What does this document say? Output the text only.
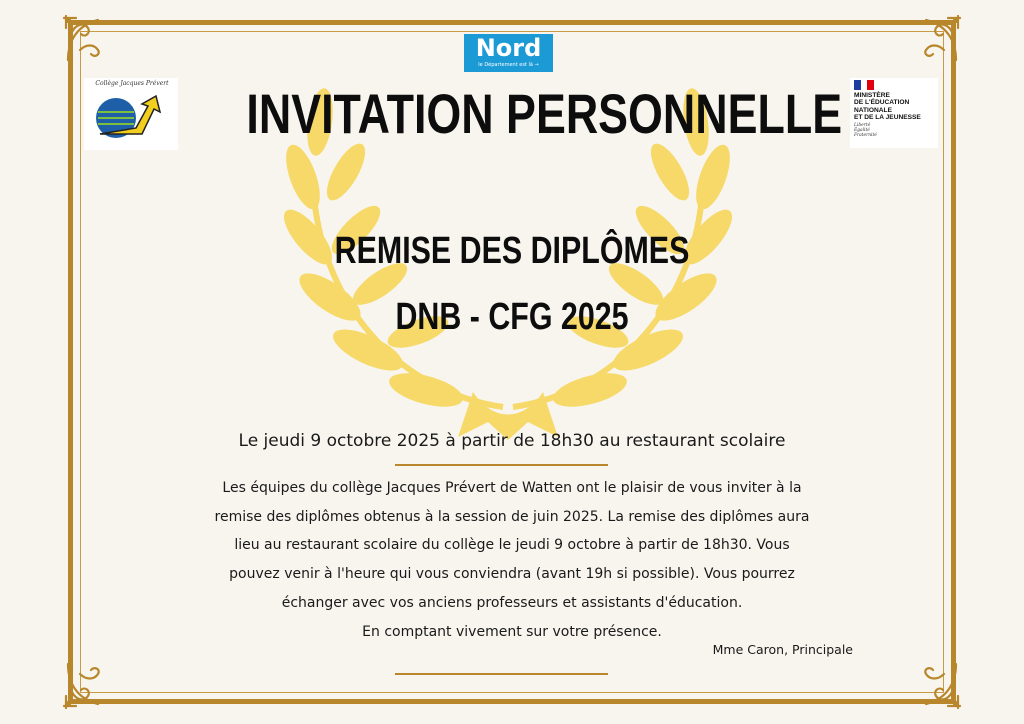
Nord
le Département est là →
Collège Jacques Prévert
MINISTÈRE
DE L'ÉDUCATION
NATIONALE
ET DE LA JEUNESSE
Liberté
Égalité
Fraternité
INVITATION PERSONNELLE
REMISE DES DIPLÔMES
DNB - CFG 2025
Le jeudi 9 octobre 2025 à partir de 18h30 au restaurant scolaire
Les équipes du collège Jacques Prévert de Watten ont le plaisir de vous inviter à la
remise des diplômes obtenus à la session de juin 2025. La remise des diplômes aura
lieu au restaurant scolaire du collège le jeudi 9 octobre à partir de 18h30. Vous
pouvez venir à l'heure qui vous conviendra (avant 19h si possible). Vous pourrez
échanger avec vos anciens professeurs et assistants d'éducation.
En comptant vivement sur votre présence.
Mme Caron, Principale
